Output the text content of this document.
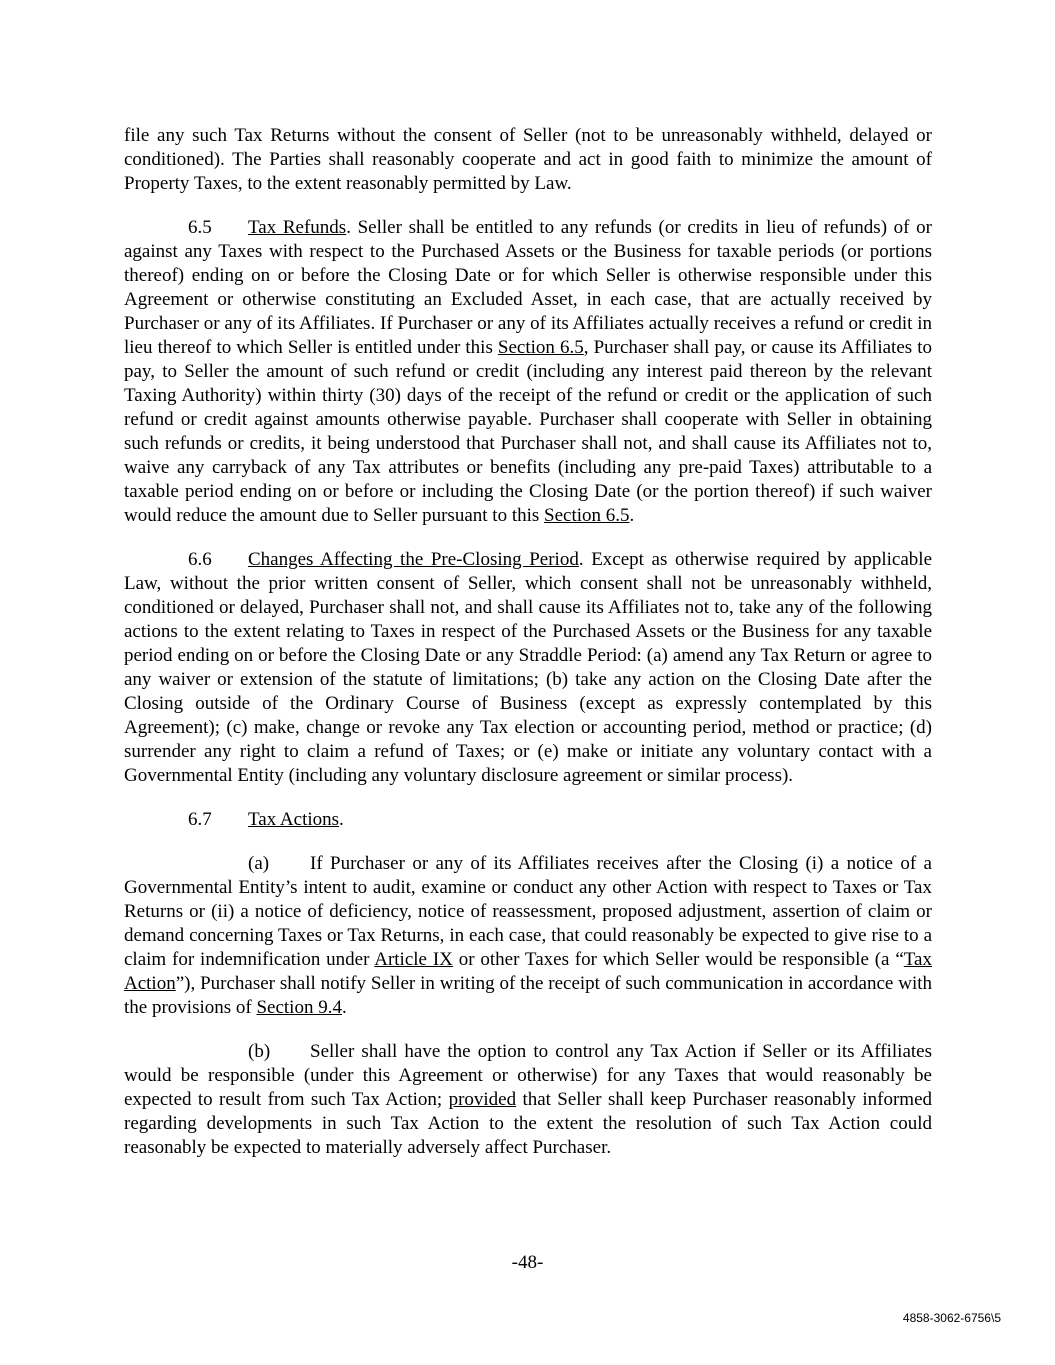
file any such Tax Returns without the consent of Seller (not to be unreasonably withheld, delayed or conditioned). The Parties shall reasonably cooperate and act in good faith to minimize the amount of Property Taxes, to the extent reasonably permitted by Law.

6.5 Tax Refunds. Seller shall be entitled to any refunds (or credits in lieu of refunds) of or against any Taxes with respect to the Purchased Assets or the Business for taxable periods (or portions thereof) ending on or before the Closing Date or for which Seller is otherwise responsible under this Agreement or otherwise constituting an Excluded Asset, in each case, that are actually received by Purchaser or any of its Affiliates. If Purchaser or any of its Affiliates actually receives a refund or credit in lieu thereof to which Seller is entitled under this Section 6.5, Purchaser shall pay, or cause its Affiliates to pay, to Seller the amount of such refund or credit (including any interest paid thereon by the relevant Taxing Authority) within thirty (30) days of the receipt of the refund or credit or the application of such refund or credit against amounts otherwise payable. Purchaser shall cooperate with Seller in obtaining such refunds or credits, it being understood that Purchaser shall not, and shall cause its Affiliates not to, waive any carryback of any Tax attributes or benefits (including any pre-paid Taxes) attributable to a taxable period ending on or before or including the Closing Date (or the portion thereof) if such waiver would reduce the amount due to Seller pursuant to this Section 6.5.

6.6 Changes Affecting the Pre-Closing Period. Except as otherwise required by applicable Law, without the prior written consent of Seller, which consent shall not be unreasonably withheld, conditioned or delayed, Purchaser shall not, and shall cause its Affiliates not to, take any of the following actions to the extent relating to Taxes in respect of the Purchased Assets or the Business for any taxable period ending on or before the Closing Date or any Straddle Period: (a) amend any Tax Return or agree to any waiver or extension of the statute of limitations; (b) take any action on the Closing Date after the Closing outside of the Ordinary Course of Business (except as expressly contemplated by this Agreement); (c) make, change or revoke any Tax election or accounting period, method or practice; (d) surrender any right to claim a refund of Taxes; or (e) make or initiate any voluntary contact with a Governmental Entity (including any voluntary disclosure agreement or similar process).

6.7 Tax Actions.

(a) If Purchaser or any of its Affiliates receives after the Closing (i) a notice of a Governmental Entity’s intent to audit, examine or conduct any other Action with respect to Taxes or Tax Returns or (ii) a notice of deficiency, notice of reassessment, proposed adjustment, assertion of claim or demand concerning Taxes or Tax Returns, in each case, that could reasonably be expected to give rise to a claim for indemnification under Article IX or other Taxes for which Seller would be responsible (a “Tax Action”), Purchaser shall notify Seller in writing of the receipt of such communication in accordance with the provisions of Section 9.4.

(b) Seller shall have the option to control any Tax Action if Seller or its Affiliates would be responsible (under this Agreement or otherwise) for any Taxes that would reasonably be expected to result from such Tax Action; provided that Seller shall keep Purchaser reasonably informed regarding developments in such Tax Action to the extent the resolution of such Tax Action could reasonably be expected to materially adversely affect Purchaser.

-48-
4858-3062-6756\5
